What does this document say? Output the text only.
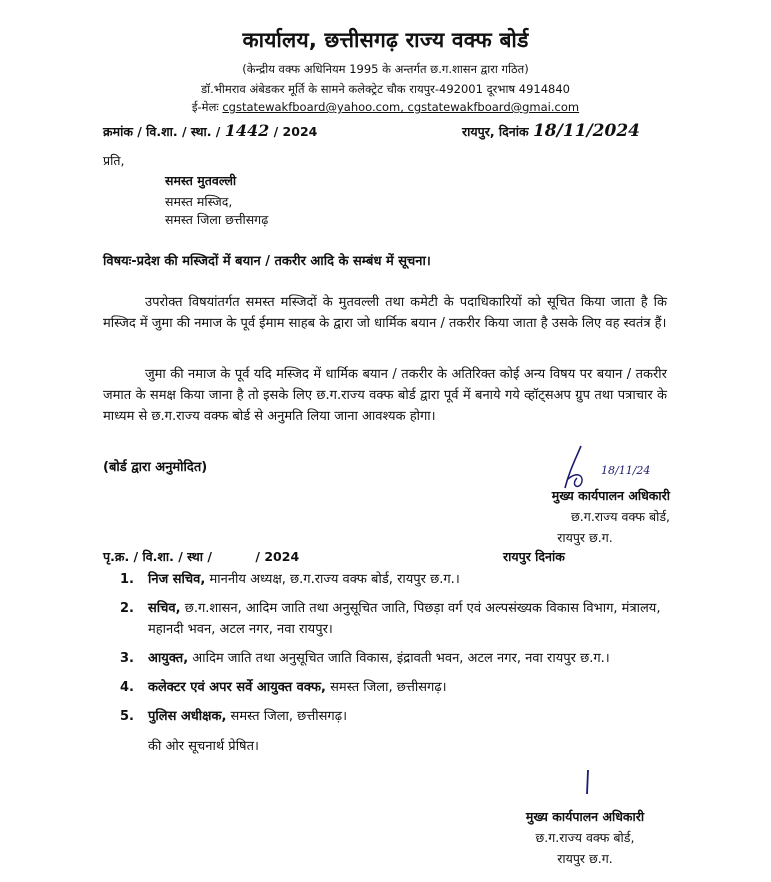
कार्यालय, छत्तीसगढ़ राज्य वक्फ बोर्ड
(केन्द्रीय वक्फ अधिनियम 1995 के अन्तर्गत छ.ग.शासन द्वारा गठित)
डॉ.भीमराव अंबेडकर मूर्ति के सामने कलेक्ट्रेट चौक रायपुर-492001 दूरभाष 4914840
ई-मेलः cgstatewakfboard@yahoo.com, cgstatewakfboard@gmai.com
क्रमांक / वि.शा. / स्था. / 1442 / 2024	रायपुर, दिनांक 18/11/2024
प्रति,
समस्त मुतवल्ली
समस्त मस्जिद,
समस्त जिला छत्तीसगढ़
विषयः-प्रदेश की मस्जिदों में बयान / तकरीर आदि के सम्बंध में सूचना।
उपरोक्त विषयांतर्गत समस्त मस्जिदों के मुतवल्ली तथा कमेटी के पदाधिकारियों को सूचित किया जाता है कि मस्जिद में जुमा की नमाज के पूर्व ईमाम साहब के द्वारा जो धार्मिक बयान / तकरीर किया जाता है उसके लिए वह स्वतंत्र हैं।
जुमा की नमाज के पूर्व यदि मस्जिद में धार्मिक बयान / तकरीर के अतिरिक्त कोई अन्य विषय पर बयान / तकरीर जमात के समक्ष किया जाना है तो इसके लिए छ.ग.राज्य वक्फ बोर्ड द्वारा पूर्व में बनाये गये व्हॉट्सअप ग्रुप तथा पत्राचार के माध्यम से छ.ग.राज्य वक्फ बोर्ड से अनुमति लिया जाना आवश्यक होगा।
(बोर्ड द्वारा अनुमोदित)	18/11/24
मुख्य कार्यपालन अधिकारी
छ.ग.राज्य वक्फ बोर्ड,
रायपुर छ.ग.
पृ.क्र. / वि.शा. / स्था /          / 2024	रायपुर दिनांक
1. निज सचिव, माननीय अध्यक्ष, छ.ग.राज्य वक्फ बोर्ड, रायपुर छ.ग.।
2. सचिव, छ.ग.शासन, आदिम जाति तथा अनुसूचित जाति, पिछड़ा वर्ग एवं अल्पसंख्यक विकास विभाग, मंत्रालय, महानदी भवन, अटल नगर, नवा रायपुर।
3. आयुक्त, आदिम जाति तथा अनुसूचित जाति विकास, इंद्रावती भवन, अटल नगर, नवा रायपुर छ.ग.।
4. कलेक्टर एवं अपर सर्वे आयुक्त वक्फ, समस्त जिला, छत्तीसगढ़।
5. पुलिस अधीक्षक, समस्त जिला, छत्तीसगढ़।
की ओर सूचनार्थ प्रेषित।
मुख्य कार्यपालन अधिकारी
छ.ग.राज्य वक्फ बोर्ड,
रायपुर छ.ग.
